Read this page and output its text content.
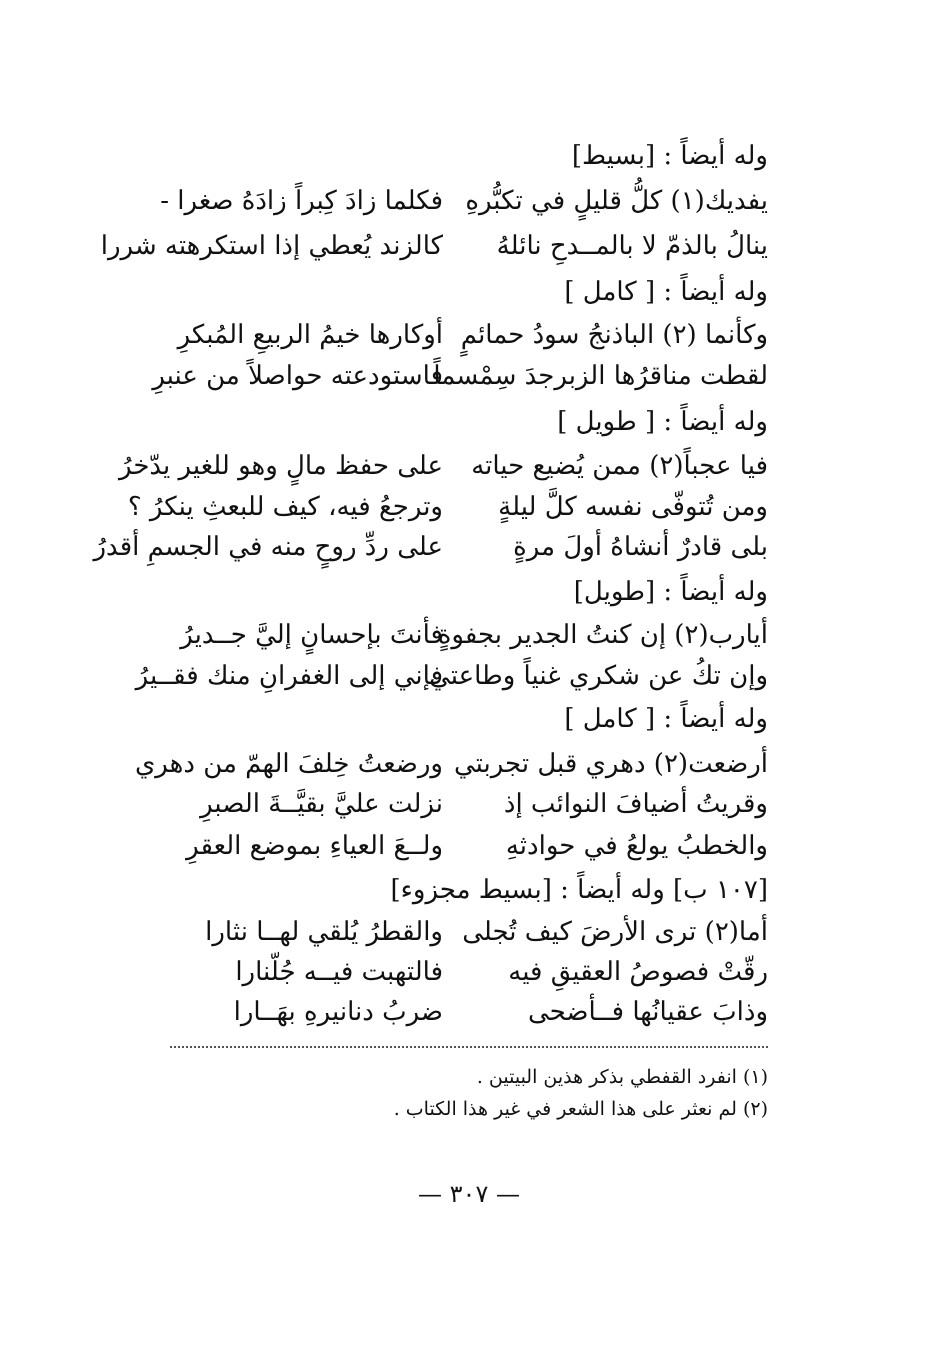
وله أيضاً : [بسيط]
يفديك(١) كلُّ قليلٍ في تكبُّرهِ
فكلما زادَ كِبراً زادَهُ صغرا -
ينالُ بالذمّ لا بالمــدحِ نائلهُ
كالزند يُعطي إذا استكرهته شررا
وله أيضاً : [ كامل ]
وكأنما (٢) الباذنجُ سودُ حمائمٍ
أوكارها خيمُ الربيعِ المُبكرِ
لقطت مناقرُها الزبرجدَ سِمْسماً
فاستودعته حواصلاً من عنبرِ
وله أيضاً : [ طويل ]
فيا عجباً(٢) ممن يُضيع حياته
على حفظ مالٍ وهو للغير يدّخرُ
ومن تُتوفّى نفسه كلَّ ليلةٍ
وترجعُ فيه، كيف للبعثِ ينكرُ ؟
بلى قادرٌ أنشاهُ أولَ مرةٍ
على ردِّ روحٍ منه في الجسمِ أقدرُ
وله أيضاً : [طويل]
أيارب(٢) إن كنتُ الجدير بجفوةٍ
فأنتَ بإحسانٍ إليَّ جــديرُ
وإن تكُ عن شكري غنياً وطاعتي
فإني إلى الغفرانِ منك فقــيرُ
وله أيضاً : [ كامل ]
أرضعت(٢) دهري قبل تجربتي
ورضعتُ خِلفَ الهمّ من دهري
وقريتُ أضيافَ النوائب إذ
نزلت عليَّ بقيَّــةَ الصبرِ
والخطبُ يولعُ في حوادثهِ
ولــعَ العياءِ بموضع العقرِ
[١٠٧ ب] وله أيضاً : [بسيط مجزوء]
أما(٢) ترى الأرضَ كيف تُجلى
والقطرُ يُلقي لهــا نثارا
رقّتْ فصوصُ العقيقِ فيه
فالتهبت فيــه جُلّنارا
وذابَ عقيانُها فــأضحى
ضربُ دنانيرهِ بهَــارا
(١) انفرد القفطي بذكر هذين البيتين .
(٢) لم نعثر على هذا الشعر في غير هذا الكتاب .
— ٣٠٧ —
